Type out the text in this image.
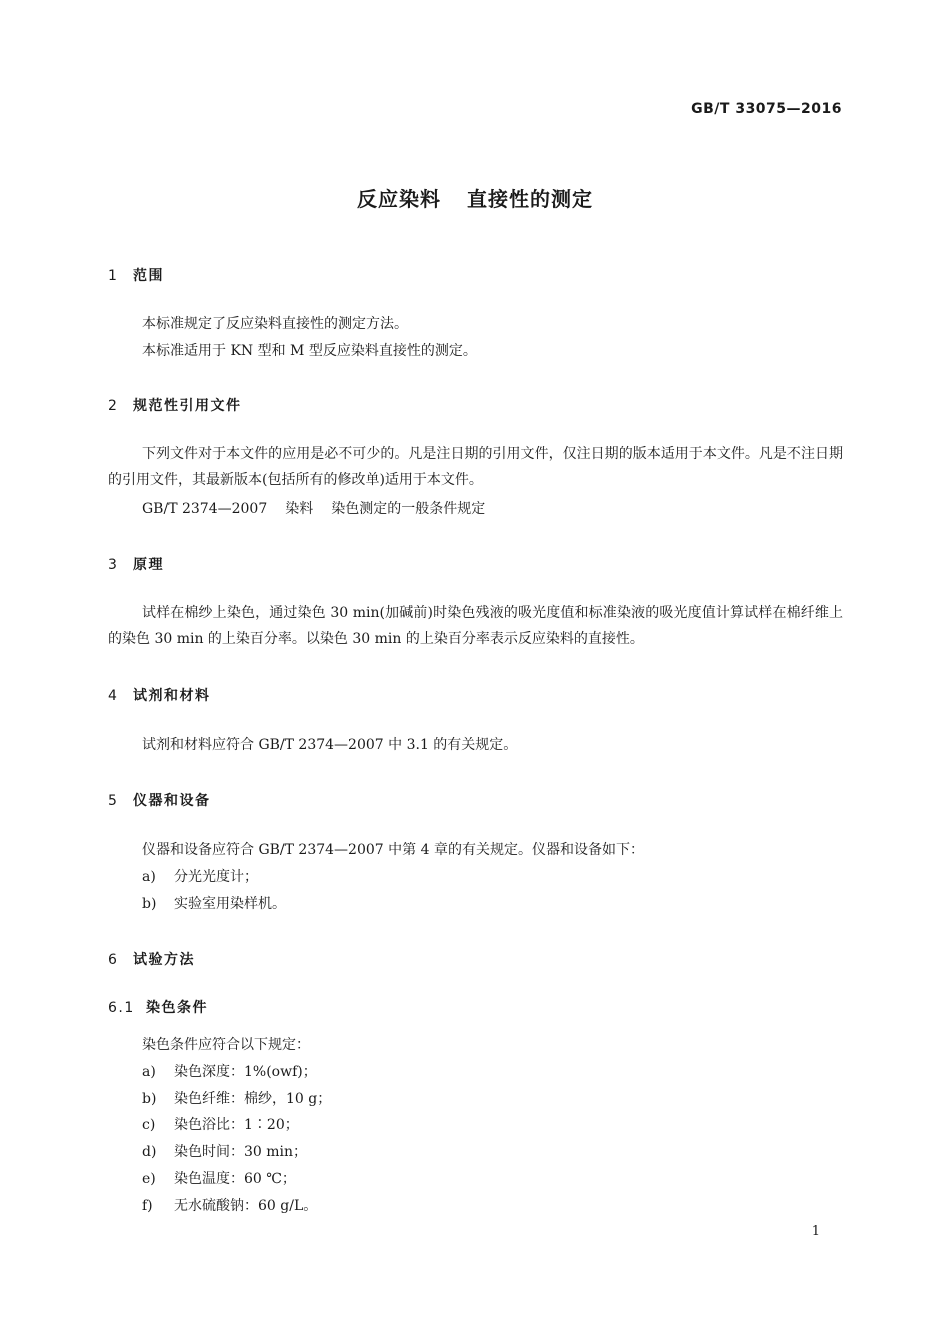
GB/T 33075—2016
反应染料 直接性的测定
1 范围
本标准规定了反应染料直接性的测定方法。
本标准适用于 KN 型和 M 型反应染料直接性的测定。
2 规范性引用文件
下列文件对于本文件的应用是必不可少的。凡是注日期的引用文件，仅注日期的版本适用于本文件。凡是不注日期的引用文件，其最新版本(包括所有的修改单)适用于本文件。
GB/T 2374—2007 染料 染色测定的一般条件规定
3 原理
试样在棉纱上染色，通过染色 30 min(加碱前)时染色残液的吸光度值和标准染液的吸光度值计算试样在棉纤维上的染色 30 min 的上染百分率。以染色 30 min 的上染百分率表示反应染料的直接性。
4 试剂和材料
试剂和材料应符合 GB/T 2374—2007 中 3.1 的有关规定。
5 仪器和设备
仪器和设备应符合 GB/T 2374—2007 中第 4 章的有关规定。仪器和设备如下：
a) 分光光度计；
b) 实验室用染样机。
6 试验方法
6.1 染色条件
染色条件应符合以下规定：
a) 染色深度：1%(owf)；
b) 染色纤维：棉纱，10 g；
c) 染色浴比：1∶20；
d) 染色时间：30 min；
e) 染色温度：60 ℃；
f) 无水硫酸钠：60 g/L。
1
